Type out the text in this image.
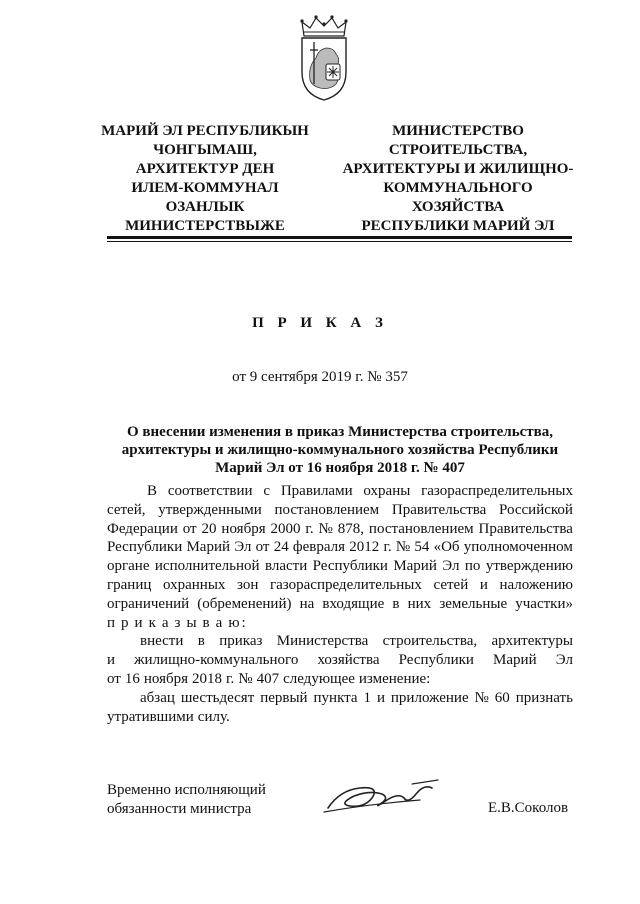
МАРИЙ ЭЛ РЕСПУБЛИКЫН
ЧОНГЫМАШ,
АРХИТЕКТУР ДЕН
ИЛЕМ-КОММУНАЛ
ОЗАНЛЫК
МИНИСТЕРСТВЫЖЕ
МИНИСТЕРСТВО
СТРОИТЕЛЬСТВА,
АРХИТЕКТУРЫ И ЖИЛИЩНО-
КОММУНАЛЬНОГО
ХОЗЯЙСТВА
РЕСПУБЛИКИ МАРИЙ ЭЛ
П Р И К А З
от 9 сентября 2019 г. № 357
О внесении изменения в приказ Министерства строительства,
архитектуры и жилищно-коммунального хозяйства Республики
Марий Эл от 16 ноября 2018 г. № 407
В соответствии с Правилами охраны газораспределительных
сетей, утвержденными постановлением Правительства Российской
Федерации от 20 ноября 2000 г. № 878, постановлением Правительства
Республики Марий Эл от 24 февраля 2012 г. № 54 «Об уполномоченном
органе исполнительной власти Республики Марий Эл по утверждению
границ охранных зон газораспределительных сетей и наложению
ограничений (обременений) на входящие в них земельные участки»
п р и к а з ы в а ю:
внести в приказ Министерства строительства, архитектуры
и жилищно-коммунального хозяйства Республики Марий Эл
от 16 ноября 2018 г. № 407 следующее изменение:
абзац шестьдесят первый пункта 1 и приложение № 60 признать
утратившими силу.
Временно исполняющий
обязанности министра	Е.В.Соколов
